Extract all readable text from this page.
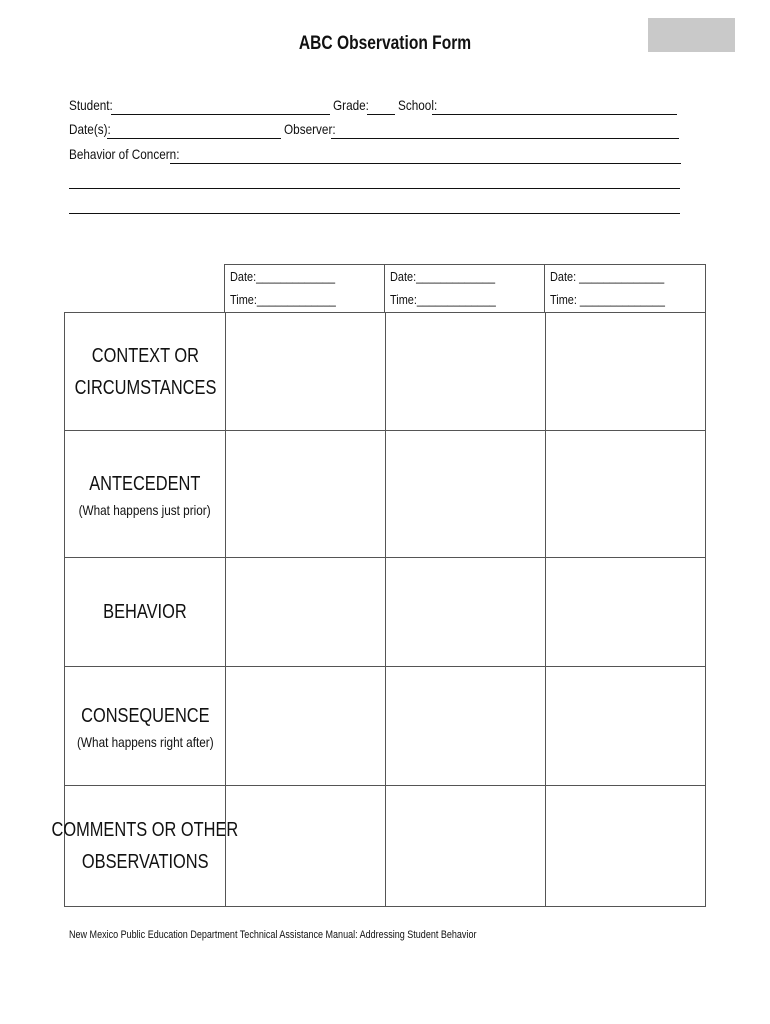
ABC Observation Form
Student:	Grade: School:
Date(s):	Observer:
Behavior of Concern:
Date:_____________
Time:_____________
Date:_____________
Time:_____________
Date: ______________
Time: ______________
CONTEXT OR
CIRCUMSTANCES
ANTECEDENT
(What happens just prior)
BEHAVIOR
CONSEQUENCE
(What happens right after)
COMMENTS OR OTHER
OBSERVATIONS
New Mexico Public Education Department Technical Assistance Manual: Addressing Student Behavior
